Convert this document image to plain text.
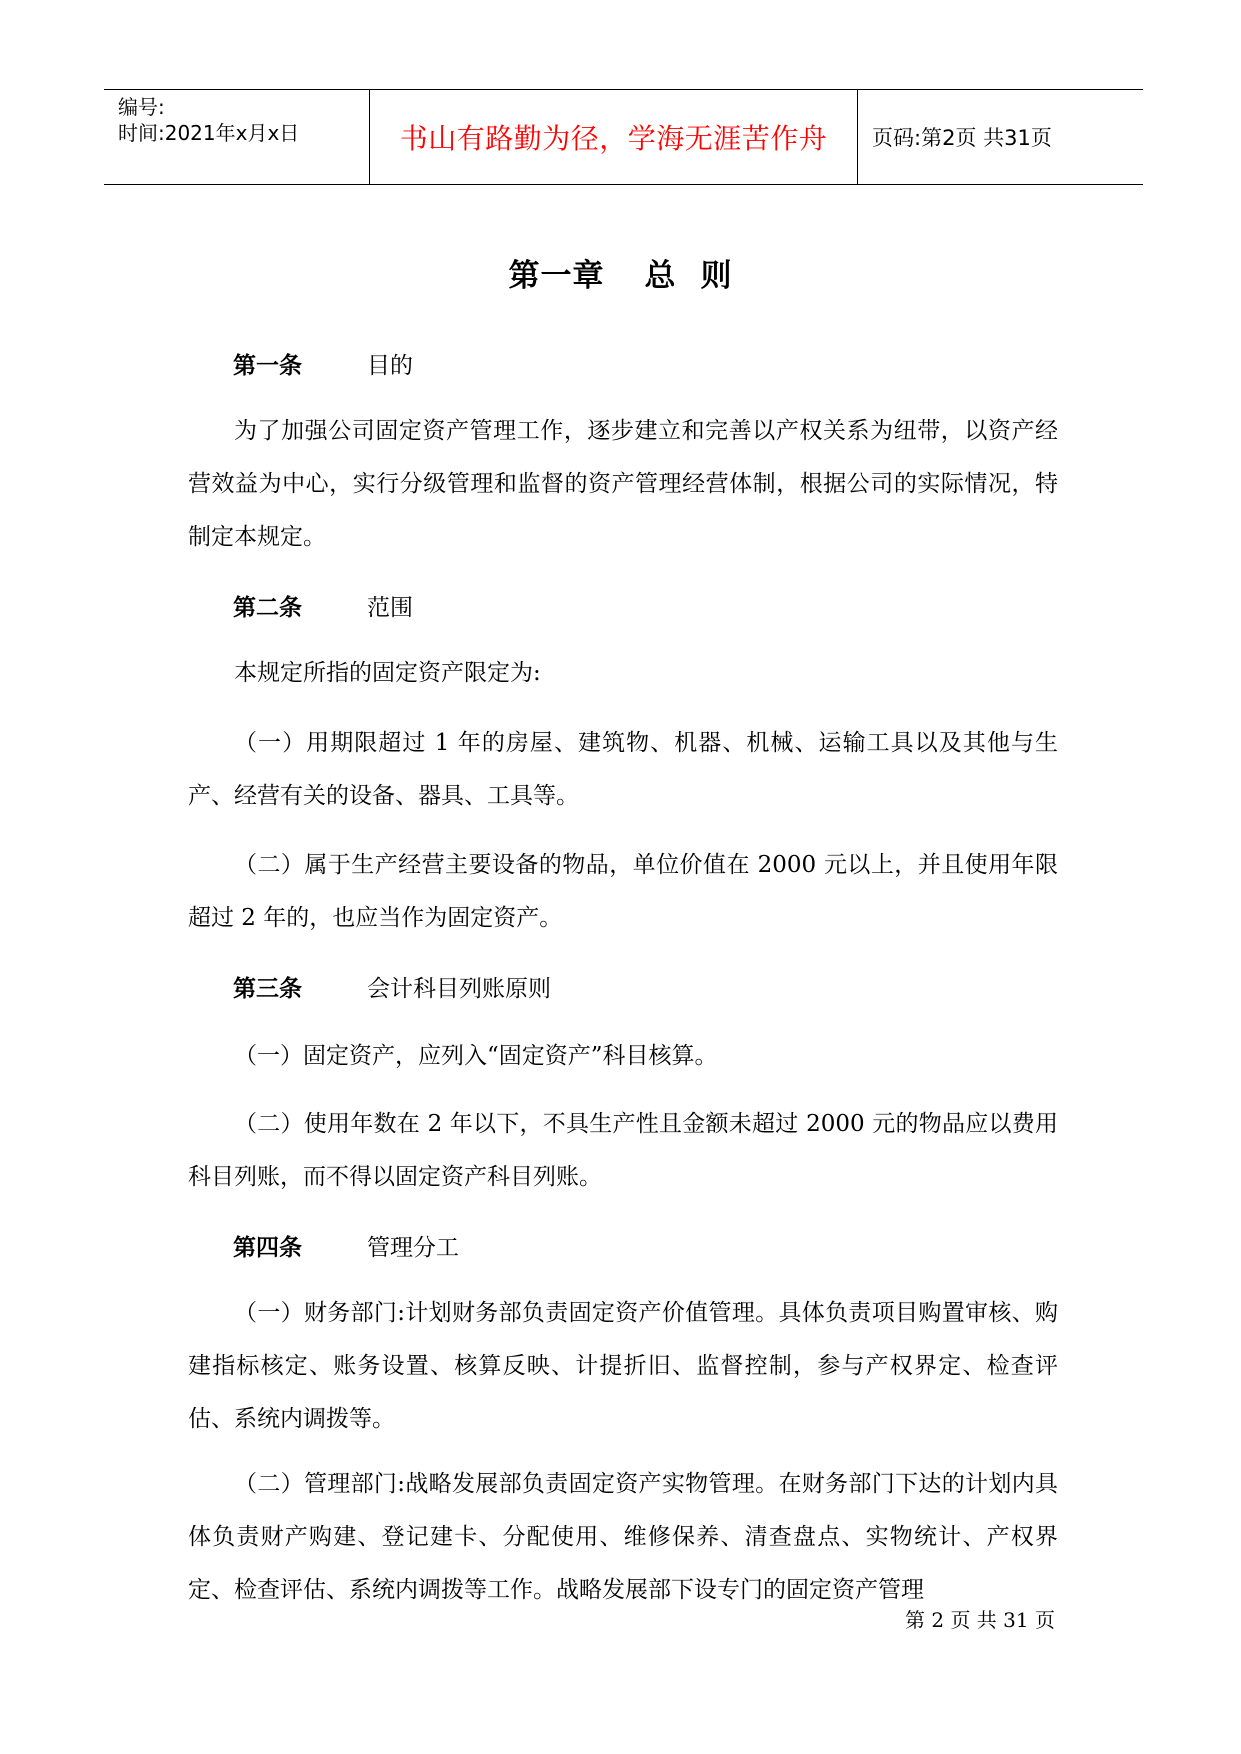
编号:
时间:2021年x月x日	书山有路勤为径，学海无涯苦作舟	页码:第2页 共31页
第一章 总 则
第一条	目的
为了加强公司固定资产管理工作，逐步建立和完善以产权关系为纽带，以资产经营效益为中心，实行分级管理和监督的资产管理经营体制，根据公司的实际情况，特制定本规定。
第二条	范围
本规定所指的固定资产限定为:
（一）用期限超过 1 年的房屋、建筑物、机器、机械、运输工具以及其他与生产、经营有关的设备、器具、工具等。
（二）属于生产经营主要设备的物品，单位价值在 2000 元以上，并且使用年限超过 2 年的，也应当作为固定资产。
第三条	会计科目列账原则
（一）固定资产，应列入“固定资产”科目核算。
（二）使用年数在 2 年以下，不具生产性且金额未超过 2000 元的物品应以费用科目列账，而不得以固定资产科目列账。
第四条	管理分工
（一）财务部门:计划财务部负责固定资产价值管理。具体负责项目购置审核、购建指标核定、账务设置、核算反映、计提折旧、监督控制，参与产权界定、检查评估、系统内调拨等。
（二）管理部门:战略发展部负责固定资产实物管理。在财务部门下达的计划内具体负责财产购建、登记建卡、分配使用、维修保养、清查盘点、实物统计、产权界定、检查评估、系统内调拨等工作。战略发展部下设专门的固定资产管理
第 2 页 共 31 页
